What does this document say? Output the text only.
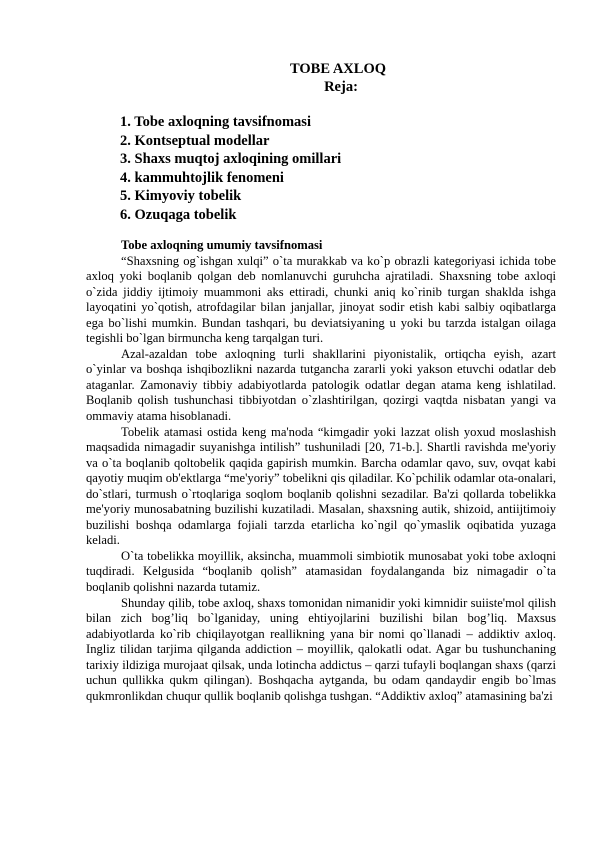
TOBE AXLOQ
Reja:
1. Tobe axloqning tavsifnomasi
2. Kontseptual modellar
3. Shaxs muqtoj axloqining omillari
4. kammuhtojlik fenomeni
5. Kimyoviy tobelik
6. Ozuqaga tobelik

Tobe axloqning umumiy tavsifnomasi

“Shaxsning og`ishgan xulqi” o`ta murakkab va ko`p obrazli kategoriyasi ichida tobe axloq yoki boqlanib qolgan deb nomlanuvchi guruhcha ajratiladi. Shaxsning tobe axloqi o`zida jiddiy ijtimoiy muammoni aks ettiradi, chunki aniq ko`rinib turgan shaklda ishga layoqatini yo`qotish, atrofdagilar bilan janjallar, jinoyat sodir etish kabi salbiy oqibatlarga ega bo`lishi mumkin. Bundan tashqari, bu deviatsiyaning u yoki bu tarzda istalgan oilaga tegishli bo`lgan birmuncha keng tarqalgan turi.

Azal-azaldan tobe axloqning turli shakllarini piyonistalik, ortiqcha eyish, azart o`yinlar va boshqa ishqibozlikni nazarda tutgancha zararli yoki yakson etuvchi odatlar deb ataganlar. Zamonaviy tibbiy adabiyotlarda patologik odatlar degan atama keng ishlatilad. Boqlanib qolish tushunchasi tibbiyotdan o`zlashtirilgan, qozirgi vaqtda nisbatan yangi va ommaviy atama hisoblanadi.

Tobelik atamasi ostida keng ma'noda “kimgadir yoki lazzat olish yoxud moslashish maqsadida nimagadir suyanishga intilish” tushuniladi [20, 71-b.]. Shartli ravishda me'yoriy va o`ta boqlanib qoltobelik qaqida gapirish mumkin. Barcha odamlar qavo, suv, ovqat kabi qayotiy muqim ob'ektlarga “me'yoriy” tobelikni qis qiladilar. Ko`pchilik odamlar ota-onalari, do`stlari, turmush o`rtoqlariga soqlom boqlanib qolishni sezadilar. Ba'zi qollarda tobelikka me'yoriy munosabatning buzilishi kuzatiladi. Masalan, shaxsning autik, shizoid, antiijtimoiy buzilishi boshqa odamlarga fojiali tarzda etarlicha ko`ngil qo`ymaslik oqibatida yuzaga keladi.

O`ta tobelikka moyillik, aksincha, muammoli simbiotik munosabat yoki tobe axloqni tuqdiradi. Kelgusida “boqlanib qolish” atamasidan foydalanganda biz nimagadir o`ta boqlanib qolishni nazarda tutamiz.

Shunday qilib, tobe axloq, shaxs tomonidan nimanidir yoki kimnidir suiiste'mol qilish bilan zich bog’liq bo`lganiday, uning ehtiyojlarini buzilishi bilan bog’liq. Maxsus adabiyotlarda ko`rib chiqilayotgan reallikning yana bir nomi qo`llanadi – addiktiv axloq. Ingliz tilidan tarjima qilganda addiction – moyillik, qalokatli odat. Agar bu tushunchaning tarixiy ildiziga murojaat qilsak, unda lotincha addictus – qarzi tufayli boqlangan shaxs (qarzi uchun qullikka qukm qilingan). Boshqacha aytganda, bu odam qandaydir engib bo`lmas qukmronlikdan chuqur qullik boqlanib qolishga tushgan. “Addiktiv axloq” atamasining ba'zi
